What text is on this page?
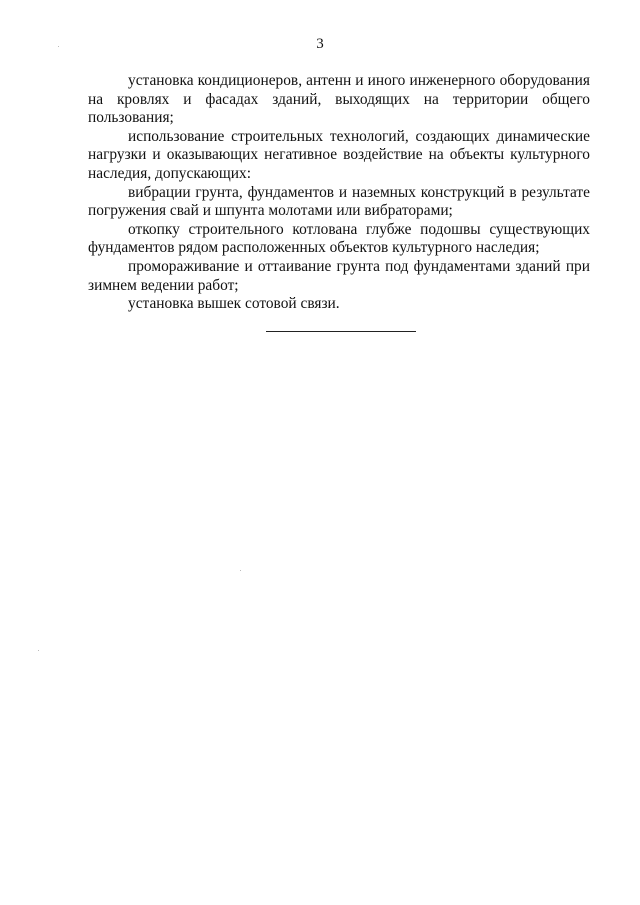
3

установка кондиционеров, антенн и иного инженерного оборудования на кровлях и фасадах зданий, выходящих на территории общего пользования;

использование строительных технологий, создающих динамические нагрузки и оказывающих негативное воздействие на объекты культурного наследия, допускающих:

вибрации грунта, фундаментов и наземных конструкций в результате погружения свай и шпунта молотами или вибраторами;

откопку строительного котлована глубже подошвы существующих фундаментов рядом расположенных объектов культурного наследия;

промораживание и оттаивание грунта под фундаментами зданий при зимнем ведении работ;

установка вышек сотовой связи.
